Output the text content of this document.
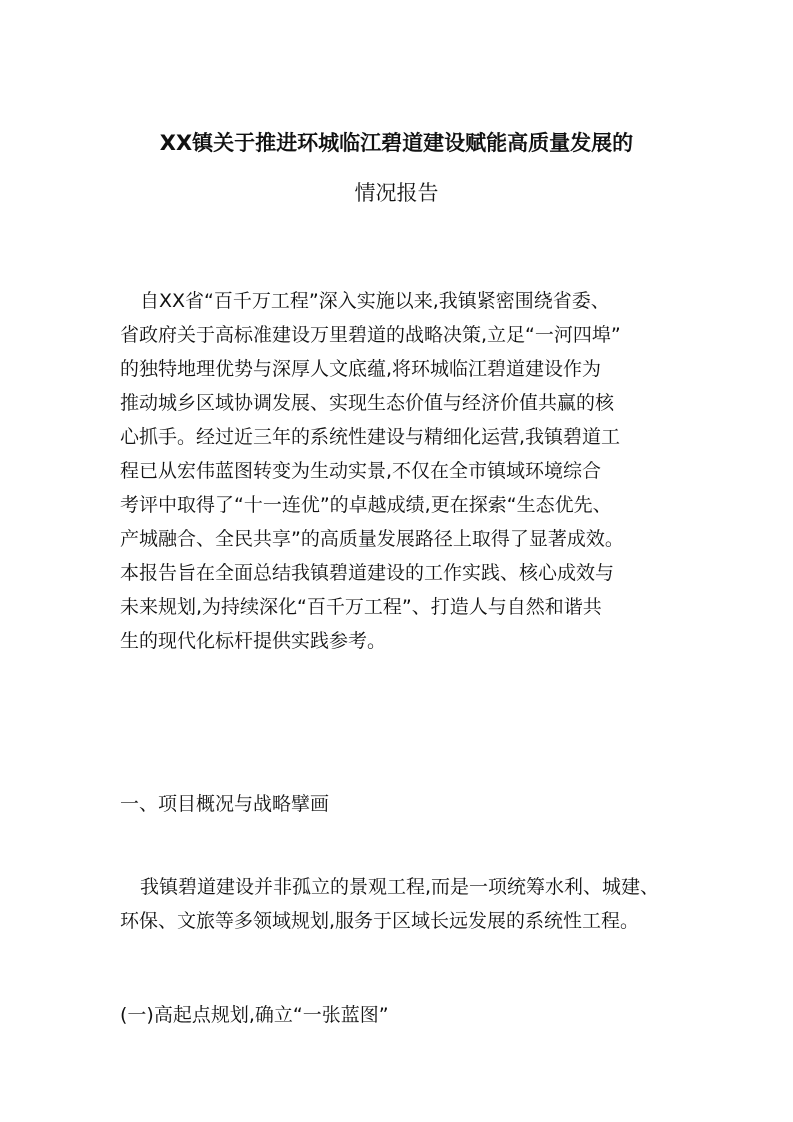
XX镇关于推进环城临江碧道建设赋能高质量发展的
情况报告
自XX省“百千万工程”深入实施以来,我镇紧密围绕省委、
省政府关于高标准建设万里碧道的战略决策,立足“一河四埠”
的独特地理优势与深厚人文底蕴,将环城临江碧道建设作为
推动城乡区域协调发展、实现生态价值与经济价值共赢的核
心抓手。经过近三年的系统性建设与精细化运营,我镇碧道工
程已从宏伟蓝图转变为生动实景,不仅在全市镇域环境综合
考评中取得了“十一连优”的卓越成绩,更在探索“生态优先、
产城融合、全民共享”的高质量发展路径上取得了显著成效。
本报告旨在全面总结我镇碧道建设的工作实践、核心成效与
未来规划,为持续深化“百千万工程”、打造人与自然和谐共
生的现代化标杆提供实践参考。
一、项目概况与战略擘画
我镇碧道建设并非孤立的景观工程,而是一项统筹水利、城建、
环保、文旅等多领域规划,服务于区域长远发展的系统性工程。
(一)高起点规划,确立“一张蓝图”
